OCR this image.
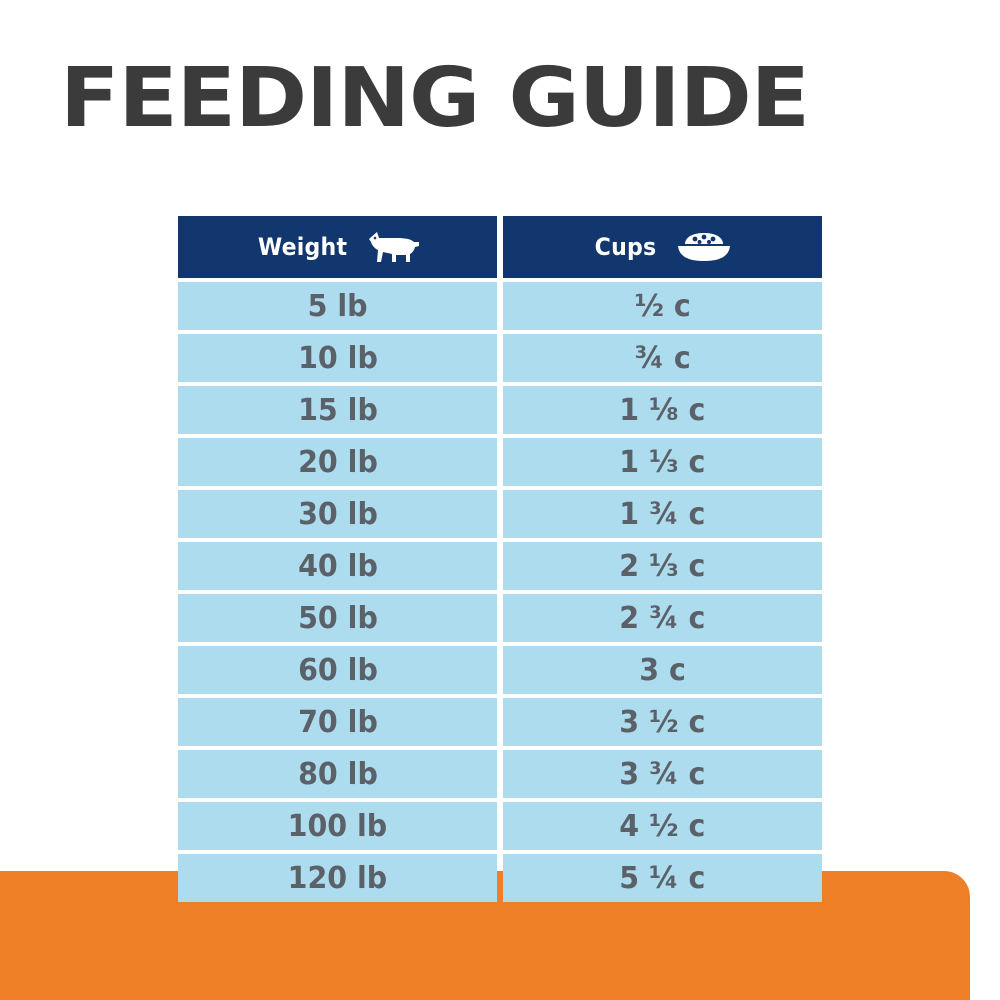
FEEDING GUIDE
Weight	Cups

5 lb	½ c
10 lb	¾ c
15 lb	1 ⅛ c
20 lb	1 ⅓ c
30 lb	1 ¾ c
40 lb	2 ⅓ c
50 lb	2 ¾ c
60 lb	3 c
70 lb	3 ½ c
80 lb	3 ¾ c
100 lb	4 ½ c
120 lb	5 ¼ c
